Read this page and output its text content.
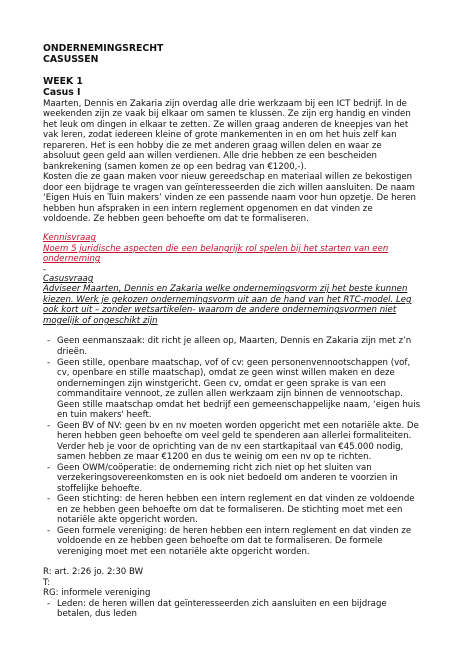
ONDERNEMINGSRECHT
CASUSSEN
WEEK 1
Casus I
Maarten, Dennis en Zakaria zijn overdag alle drie werkzaam bij een ICT bedrijf. In de
weekenden zijn ze vaak bij elkaar om samen te klussen. Ze zijn erg handig en vinden
het leuk om dingen in elkaar te zetten. Ze willen graag anderen de kneepjes van het
vak leren, zodat iedereen kleine of grote mankementen in en om het huis zelf kan
repareren. Het is een hobby die ze met anderen graag willen delen en waar ze
absoluut geen geld aan willen verdienen. Alle drie hebben ze een bescheiden
bankrekening (samen komen ze op een bedrag van €1200,-).
Kosten die ze gaan maken voor nieuw gereedschap en materiaal willen ze bekostigen
door een bijdrage te vragen van geïnteresseerden die zich willen aansluiten. De naam
‘Eigen Huis en Tuin makers’ vinden ze een passende naam voor hun opzetje. De heren
hebben hun afspraken in een intern reglement opgenomen en dat vinden ze
voldoende. Ze hebben geen behoefte om dat te formaliseren.
Kennisvraag
Noem 5 juridische aspecten die een belangrijk rol spelen bij het starten van een
onderneming
-
Casusvraag
Adviseer Maarten, Dennis en Zakaria welke ondernemingsvorm zij het beste kunnen
kiezen. Werk je gekozen ondernemingsvorm uit aan de hand van het RTC-model. Leg
ook kort uit – zonder wetsartikelen- waarom de andere ondernemingsvormen niet
mogelijk of ongeschikt zijn
- Geen eenmanszaak: dit richt je alleen op, Maarten, Dennis en Zakaria zijn met z’n
drieën.
- Geen stille, openbare maatschap, vof of cv: geen personenvennootschappen (vof,
cv, openbare en stille maatschap), omdat ze geen winst willen maken en deze
ondernemingen zijn winstgericht. Geen cv, omdat er geen sprake is van een
commanditaire vennoot, ze zullen allen werkzaam zijn binnen de vennootschap.
Geen stille maatschap omdat het bedrijf een gemeenschappelijke naam, ‘eigen huis
en tuin makers' heeft.
- Geen BV of NV: geen bv en nv moeten worden opgericht met een notariële akte. De
heren hebben geen behoefte om veel geld te spenderen aan allerlei formaliteiten.
Verder heb je voor de oprichting van de nv een startkapitaal van €45.000 nodig,
samen hebben ze maar €1200 en dus te weinig om een nv op te richten.
- Geen OWM/coöperatie: de onderneming richt zich niet op het sluiten van
verzekeringsovereenkomsten en is ook niet bedoeld om anderen te voorzien in
stoffelijke behoefte.
- Geen stichting: de heren hebben een intern reglement en dat vinden ze voldoende
en ze hebben geen behoefte om dat te formaliseren. De stichting moet met een
notariële akte opgericht worden.
- Geen formele vereniging: de heren hebben een intern reglement en dat vinden ze
voldoende en ze hebben geen behoefte om dat te formaliseren. De formele
vereniging moet met een notariële akte opgericht worden.
R: art. 2:26 jo. 2:30 BW
T:
RG: informele vereniging
- Leden: de heren willen dat geïnteresseerden zich aansluiten en een bijdrage
betalen, dus leden
